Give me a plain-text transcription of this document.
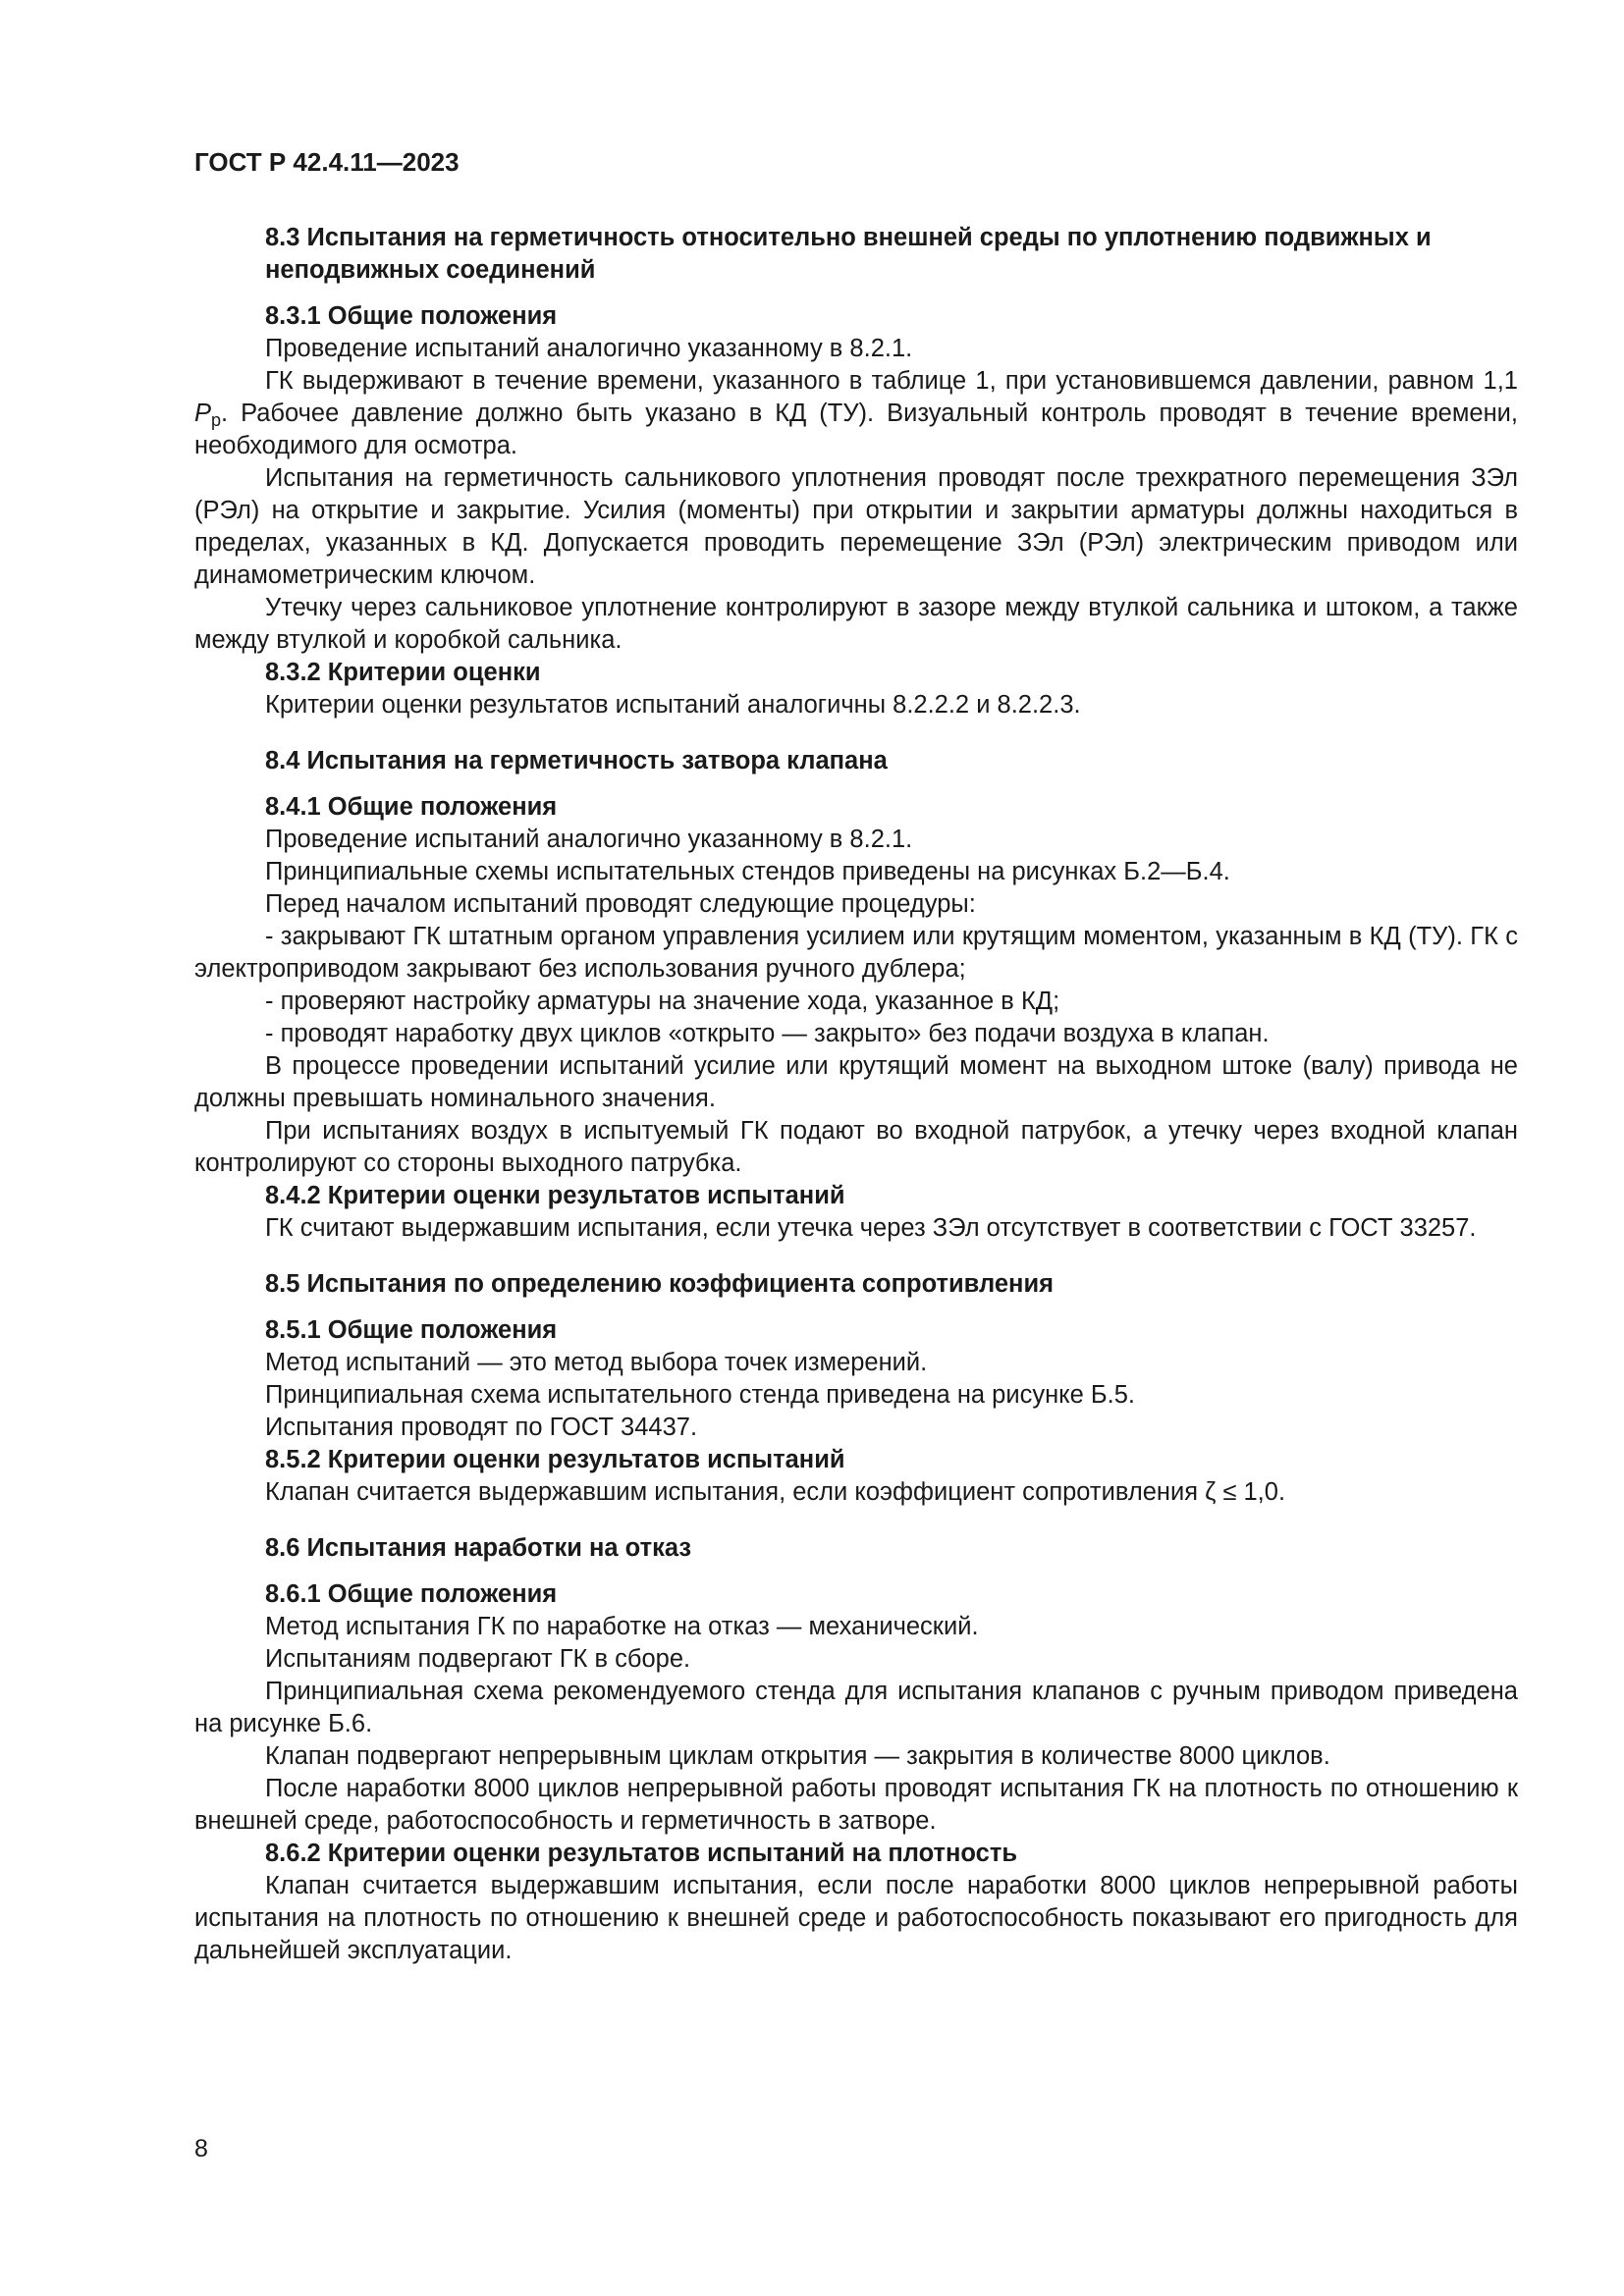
ГОСТ Р 42.4.11—2023
8.3 Испытания на герметичность относительно внешней среды по уплотнению подвижных и неподвижных соединений
8.3.1 Общие положения

Проведение испытаний аналогично указанному в 8.2.1.

ГК выдерживают в течение времени, указанного в таблице 1, при установившемся давлении, равном 1,1 $P_р$. Рабочее давление должно быть указано в КД (ТУ). Визуальный контроль проводят в течение времени, необходимого для осмотра.

Испытания на герметичность сальникового уплотнения проводят после трехкратного перемещения ЗЭл (РЭл) на открытие и закрытие. Усилия (моменты) при открытии и закрытии арматуры должны находиться в пределах, указанных в КД. Допускается проводить перемещение ЗЭл (РЭл) электрическим приводом или динамометрическим ключом.

Утечку через сальниковое уплотнение контролируют в зазоре между втулкой сальника и штоком, а также между втулкой и коробкой сальника.

8.3.2 Критерии оценки

Критерии оценки результатов испытаний аналогичны 8.2.2.2 и 8.2.2.3.

8.4 Испытания на герметичность затвора клапана
8.4.1 Общие положения

Проведение испытаний аналогично указанному в 8.2.1.

Принципиальные схемы испытательных стендов приведены на рисунках Б.2—Б.4.

Перед началом испытаний проводят следующие процедуры:

- закрывают ГК штатным органом управления усилием или крутящим моментом, указанным в КД (ТУ). ГК с электроприводом закрывают без использования ручного дублера;

- проверяют настройку арматуры на значение хода, указанное в КД;

- проводят наработку двух циклов «открыто — закрыто» без подачи воздуха в клапан.

В процессе проведении испытаний усилие или крутящий момент на выходном штоке (валу) привода не должны превышать номинального значения.

При испытаниях воздух в испытуемый ГК подают во входной патрубок, а утечку через входной клапан контролируют со стороны выходного патрубка.

8.4.2 Критерии оценки результатов испытаний

ГК считают выдержавшим испытания, если утечка через ЗЭл отсутствует в соответствии с ГОСТ 33257.

8.5 Испытания по определению коэффициента сопротивления
8.5.1 Общие положения

Метод испытаний — это метод выбора точек измерений.

Принципиальная схема испытательного стенда приведена на рисунке Б.5.

Испытания проводят по ГОСТ 34437.

8.5.2 Критерии оценки результатов испытаний

Клапан считается выдержавшим испытания, если коэффициент сопротивления ζ ≤ 1,0.

8.6 Испытания наработки на отказ
8.6.1 Общие положения

Метод испытания ГК по наработке на отказ — механический.

Испытаниям подвергают ГК в сборе.

Принципиальная схема рекомендуемого стенда для испытания клапанов с ручным приводом приведена на рисунке Б.6.

Клапан подвергают непрерывным циклам открытия — закрытия в количестве 8000 циклов.

После наработки 8000 циклов непрерывной работы проводят испытания ГК на плотность по отношению к внешней среде, работоспособность и герметичность в затворе.

8.6.2 Критерии оценки результатов испытаний на плотность

Клапан считается выдержавшим испытания, если после наработки 8000 циклов непрерывной работы испытания на плотность по отношению к внешней среде и работоспособность показывают его пригодность для дальнейшей эксплуатации.

8
